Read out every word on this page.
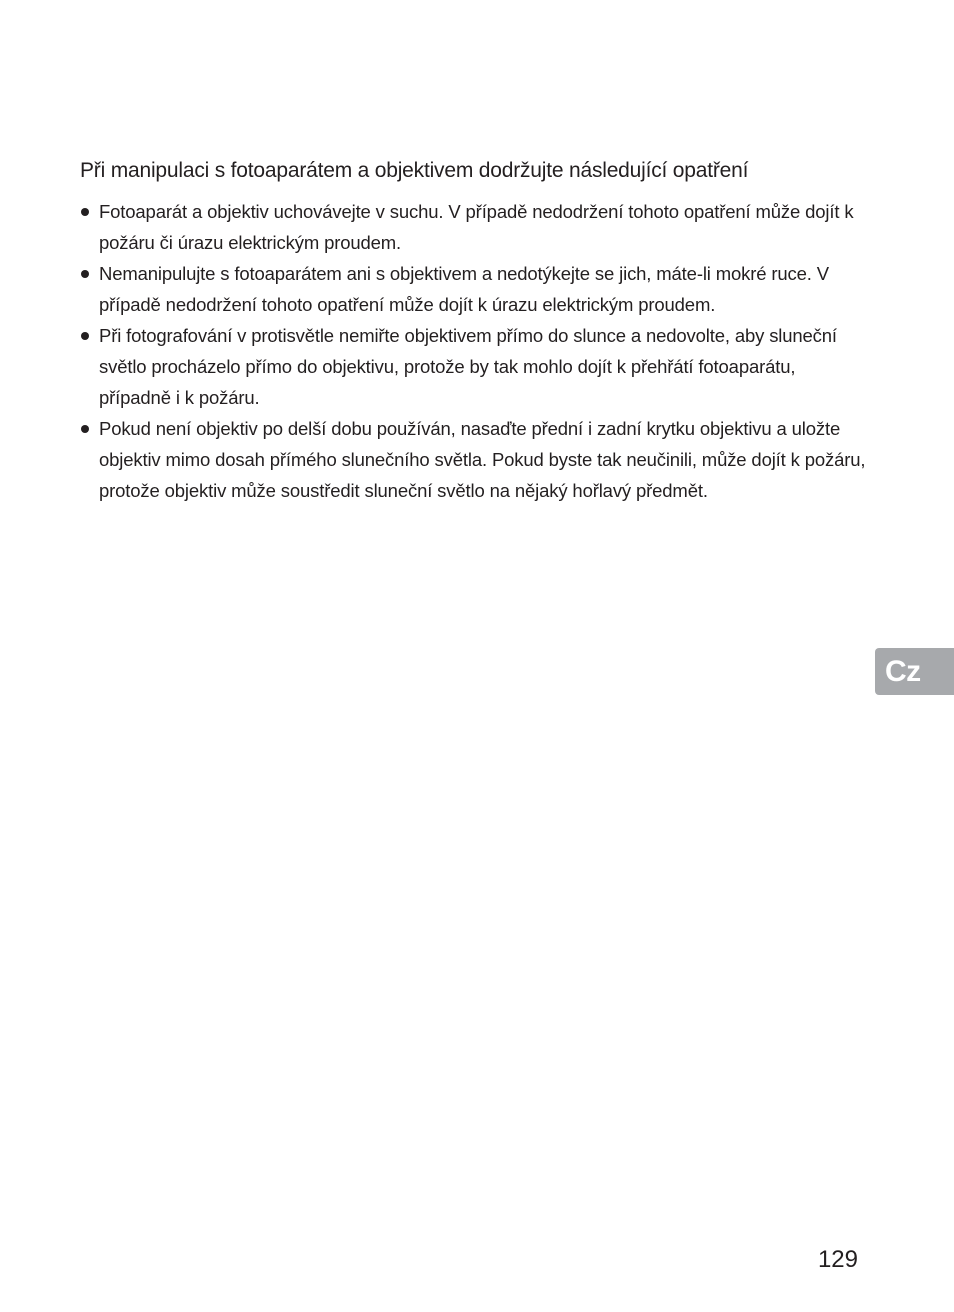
Při manipulaci s fotoaparátem a objektivem dodržujte následující opatření
Fotoaparát a objektiv uchovávejte v suchu. V případě nedodržení tohoto opatření může dojít k požáru či úrazu elektrickým proudem.
Nemanipulujte s fotoaparátem ani s objektivem a nedotýkejte se jich, máte-li mokré ruce. V případě nedodržení tohoto opatření může dojít k úrazu elektrickým proudem.
Při fotografování v protisvětle nemiřte objektivem přímo do slunce a nedovolte, aby sluneční světlo procházelo přímo do objektivu, protože by tak mohlo dojít k přehřátí fotoaparátu, případně i k požáru.
Pokud není objektiv po delší dobu používán, nasaďte přední i zadní krytku objektivu a uložte objektiv mimo dosah přímého slunečního světla. Pokud byste tak neučinili, může dojít k požáru, protože objektiv může soustředit sluneční světlo na nějaký hořlavý předmět.
Cz
129
